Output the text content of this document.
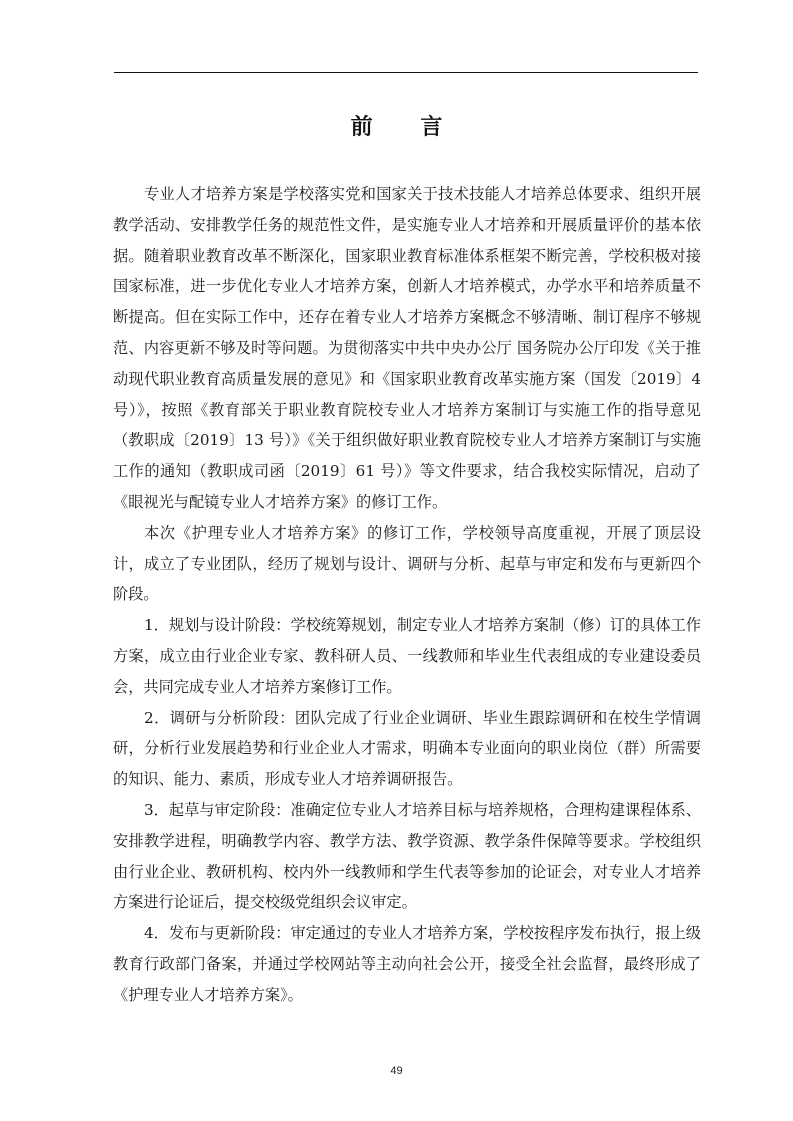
前 言

专业人才培养方案是学校落实党和国家关于技术技能人才培养总体要求、组织开展教学活动、安排教学任务的规范性文件，是实施专业人才培养和开展质量评价的基本依据。随着职业教育改革不断深化，国家职业教育标准体系框架不断完善，学校积极对接国家标准，进一步优化专业人才培养方案，创新人才培养模式，办学水平和培养质量不断提高。但在实际工作中，还存在着专业人才培养方案概念不够清晰、制订程序不够规范、内容更新不够及时等问题。为贯彻落实中共中央办公厅 国务院办公厅印发《关于推动现代职业教育高质量发展的意见》和《国家职业教育改革实施方案（国发〔2019〕4 号）》，按照《教育部关于职业教育院校专业人才培养方案制订与实施工作的指导意见（教职成〔2019〕13 号）》《关于组织做好职业教育院校专业人才培养方案制订与实施工作的通知（教职成司函〔2019〕61 号）》等文件要求，结合我校实际情况，启动了《眼视光与配镜专业人才培养方案》的修订工作。

本次《护理专业人才培养方案》的修订工作，学校领导高度重视，开展了顶层设计，成立了专业团队，经历了规划与设计、调研与分析、起草与审定和发布与更新四个阶段。

1．规划与设计阶段：学校统筹规划，制定专业人才培养方案制（修）订的具体工作方案，成立由行业企业专家、教科研人员、一线教师和毕业生代表组成的专业建设委员会，共同完成专业人才培养方案修订工作。

2．调研与分析阶段：团队完成了行业企业调研、毕业生跟踪调研和在校生学情调研，分析行业发展趋势和行业企业人才需求，明确本专业面向的职业岗位（群）所需要的知识、能力、素质，形成专业人才培养调研报告。

3．起草与审定阶段：准确定位专业人才培养目标与培养规格，合理构建课程体系、安排教学进程，明确教学内容、教学方法、教学资源、教学条件保障等要求。学校组织由行业企业、教研机构、校内外一线教师和学生代表等参加的论证会，对专业人才培养方案进行论证后，提交校级党组织会议审定。

4．发布与更新阶段：审定通过的专业人才培养方案，学校按程序发布执行，报上级教育行政部门备案，并通过学校网站等主动向社会公开，接受全社会监督，最终形成了《护理专业人才培养方案》。

49
